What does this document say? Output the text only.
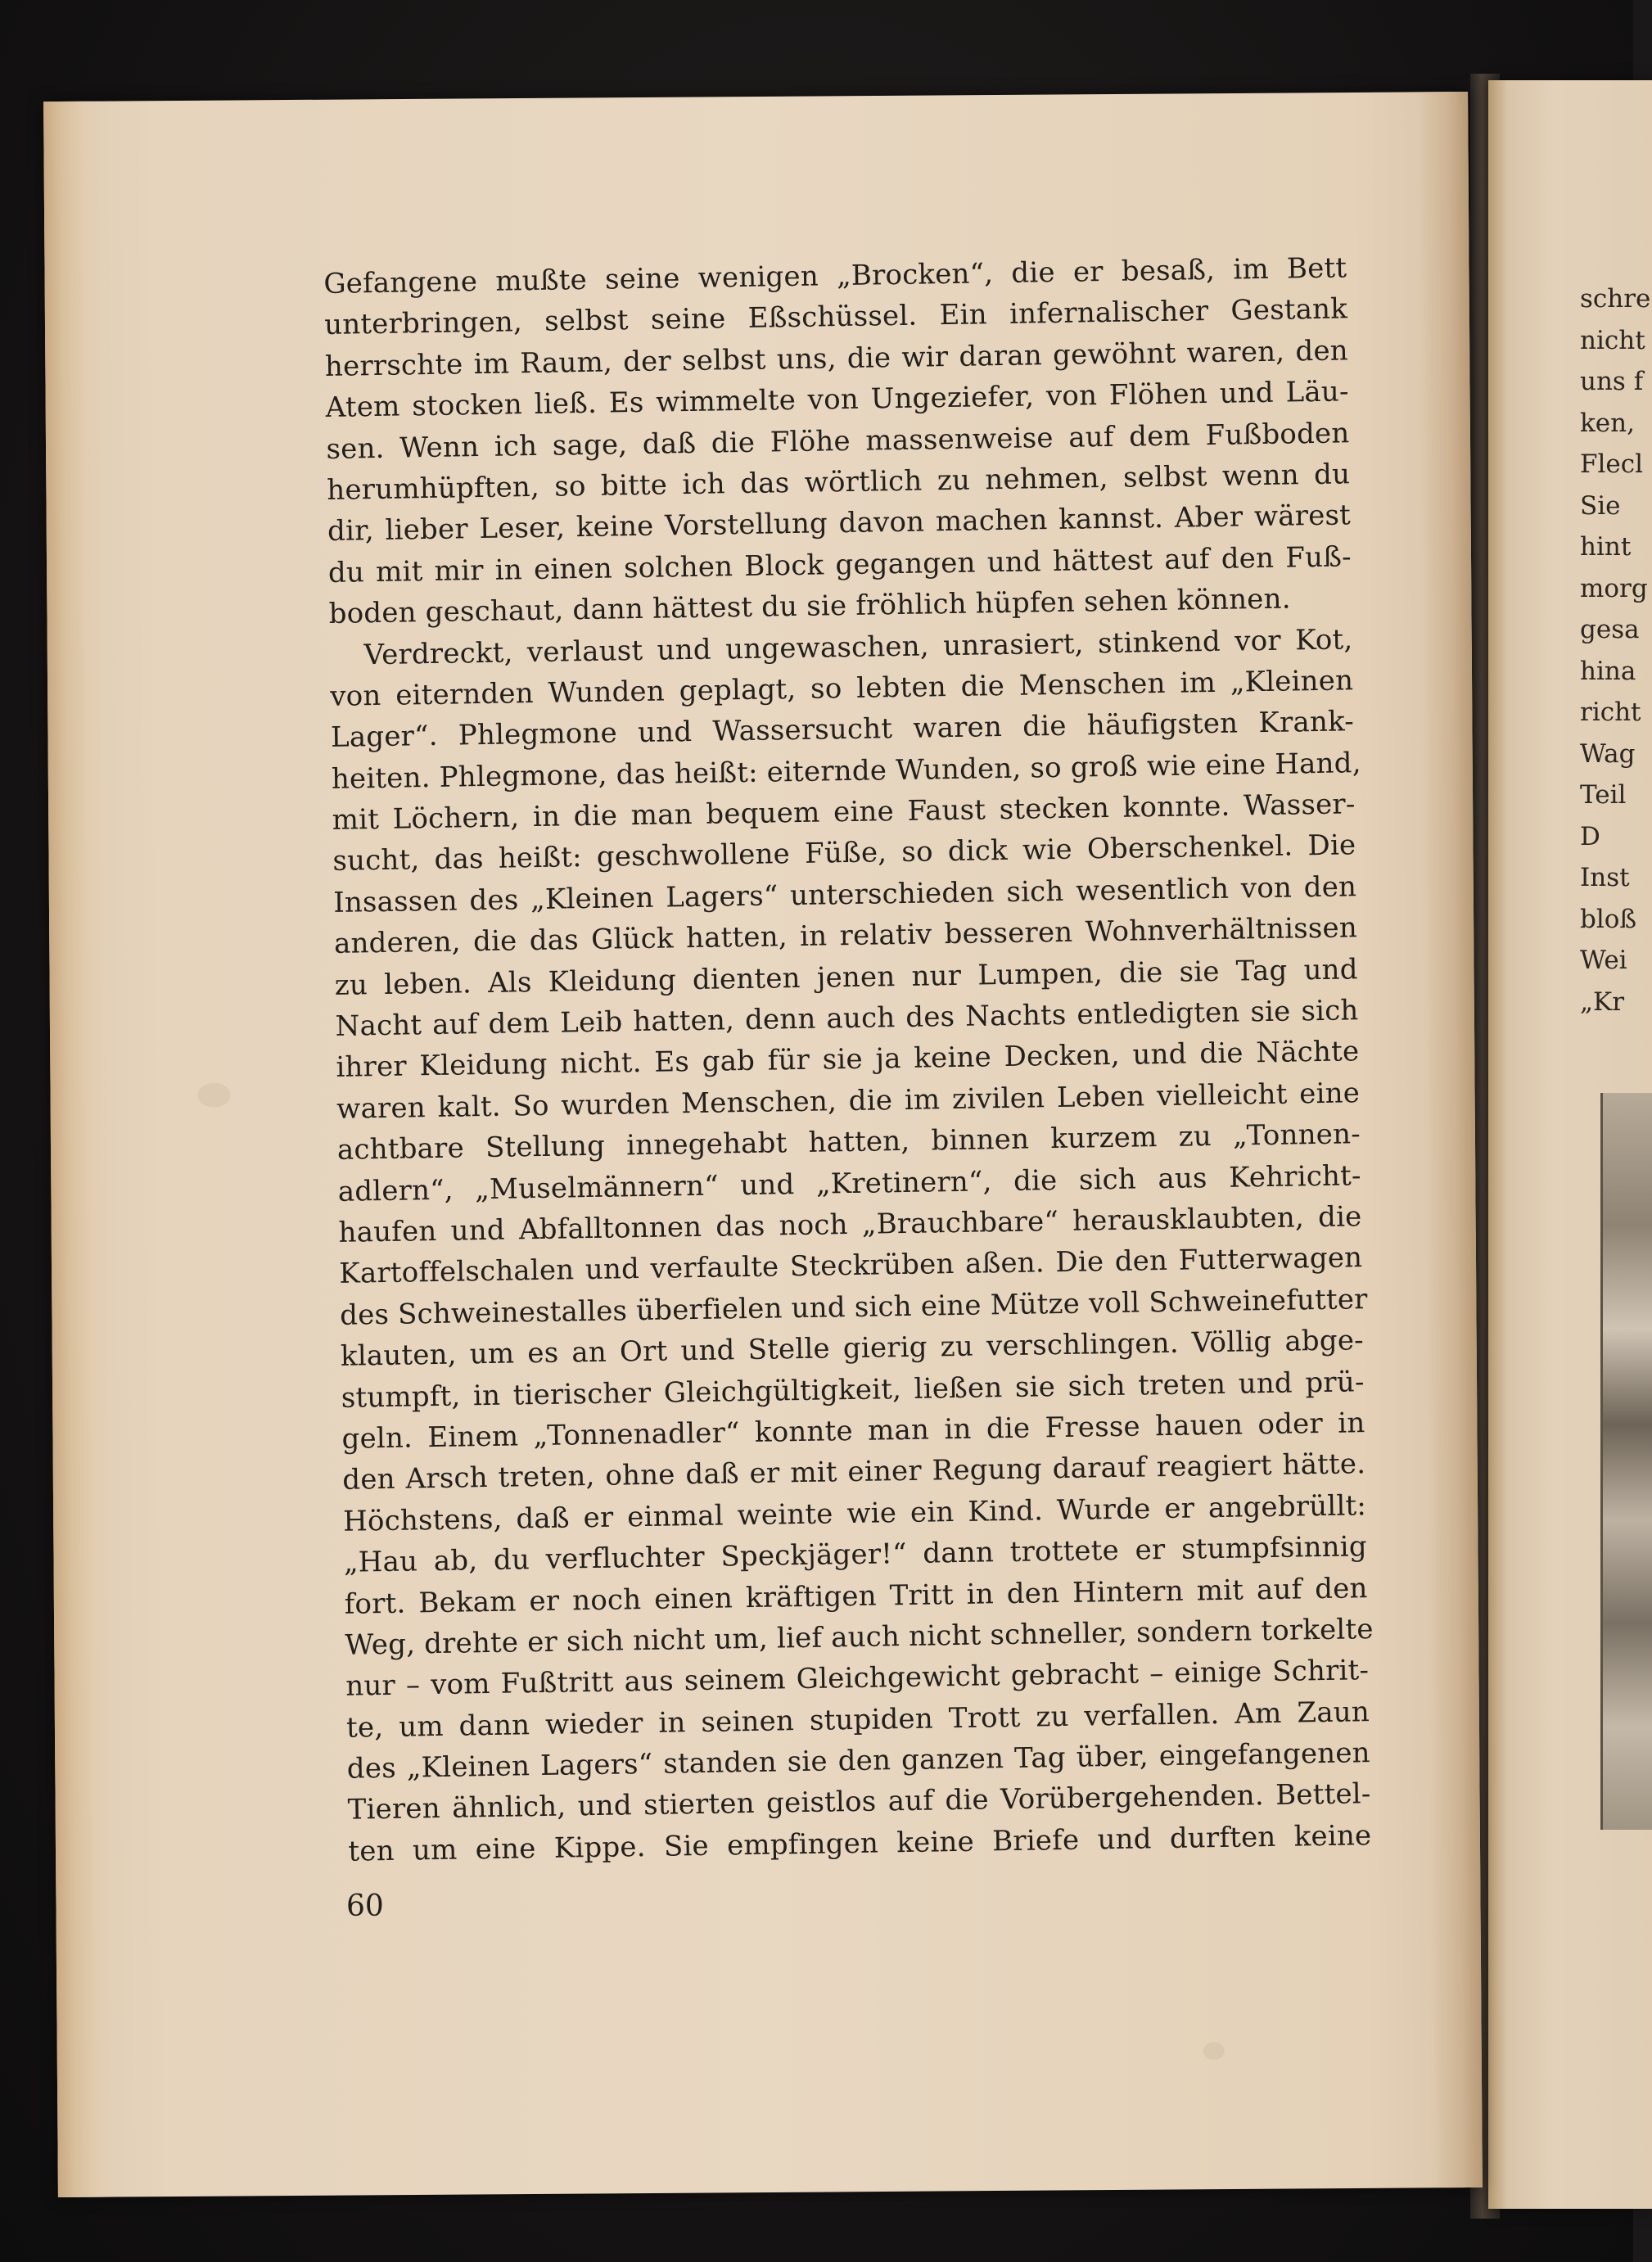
schre
nicht
uns f
ken,
Flecl
Sie
hint
morg
gesa
hina
richt
Wag
Teil
D
Inst
bloß
Wei
„Kr
Gefangene mußte seine wenigen „Brocken“, die er besaß, im Bett
unterbringen, selbst seine Eßschüssel. Ein infernalischer Gestank
herrschte im Raum, der selbst uns, die wir daran gewöhnt waren, den
Atem stocken ließ. Es wimmelte von Ungeziefer, von Flöhen und Läu-
sen. Wenn ich sage, daß die Flöhe massenweise auf dem Fußboden
herumhüpften, so bitte ich das wörtlich zu nehmen, selbst wenn du
dir, lieber Leser, keine Vorstellung davon machen kannst. Aber wärest
du mit mir in einen solchen Block gegangen und hättest auf den Fuß-
boden geschaut, dann hättest du sie fröhlich hüpfen sehen können.
Verdreckt, verlaust und ungewaschen, unrasiert, stinkend vor Kot,
von eiternden Wunden geplagt, so lebten die Menschen im „Kleinen
Lager“. Phlegmone und Wassersucht waren die häufigsten Krank-
heiten. Phlegmone, das heißt: eiternde Wunden, so groß wie eine Hand,
mit Löchern, in die man bequem eine Faust stecken konnte. Wasser-
sucht, das heißt: geschwollene Füße, so dick wie Oberschenkel. Die
Insassen des „Kleinen Lagers“ unterschieden sich wesentlich von den
anderen, die das Glück hatten, in relativ besseren Wohnverhältnissen
zu leben. Als Kleidung dienten jenen nur Lumpen, die sie Tag und
Nacht auf dem Leib hatten, denn auch des Nachts entledigten sie sich
ihrer Kleidung nicht. Es gab für sie ja keine Decken, und die Nächte
waren kalt. So wurden Menschen, die im zivilen Leben vielleicht eine
achtbare Stellung innegehabt hatten, binnen kurzem zu „Tonnen-
adlern“, „Muselmännern“ und „Kretinern“, die sich aus Kehricht-
haufen und Abfalltonnen das noch „Brauchbare“ herausklaubten, die
Kartoffelschalen und verfaulte Steckrüben aßen. Die den Futterwagen
des Schweinestalles überfielen und sich eine Mütze voll Schweinefutter
klauten, um es an Ort und Stelle gierig zu verschlingen. Völlig abge-
stumpft, in tierischer Gleichgültigkeit, ließen sie sich treten und prü-
geln. Einem „Tonnenadler“ konnte man in die Fresse hauen oder in
den Arsch treten, ohne daß er mit einer Regung darauf reagiert hätte.
Höchstens, daß er einmal weinte wie ein Kind. Wurde er angebrüllt:
„Hau ab, du verfluchter Speckjäger!“ dann trottete er stumpfsinnig
fort. Bekam er noch einen kräftigen Tritt in den Hintern mit auf den
Weg, drehte er sich nicht um, lief auch nicht schneller, sondern torkelte
nur – vom Fußtritt aus seinem Gleichgewicht gebracht – einige Schrit-
te, um dann wieder in seinen stupiden Trott zu verfallen. Am Zaun
des „Kleinen Lagers“ standen sie den ganzen Tag über, eingefangenen
Tieren ähnlich, und stierten geistlos auf die Vorübergehenden. Bettel-
ten um eine Kippe. Sie empfingen keine Briefe und durften keine
60
